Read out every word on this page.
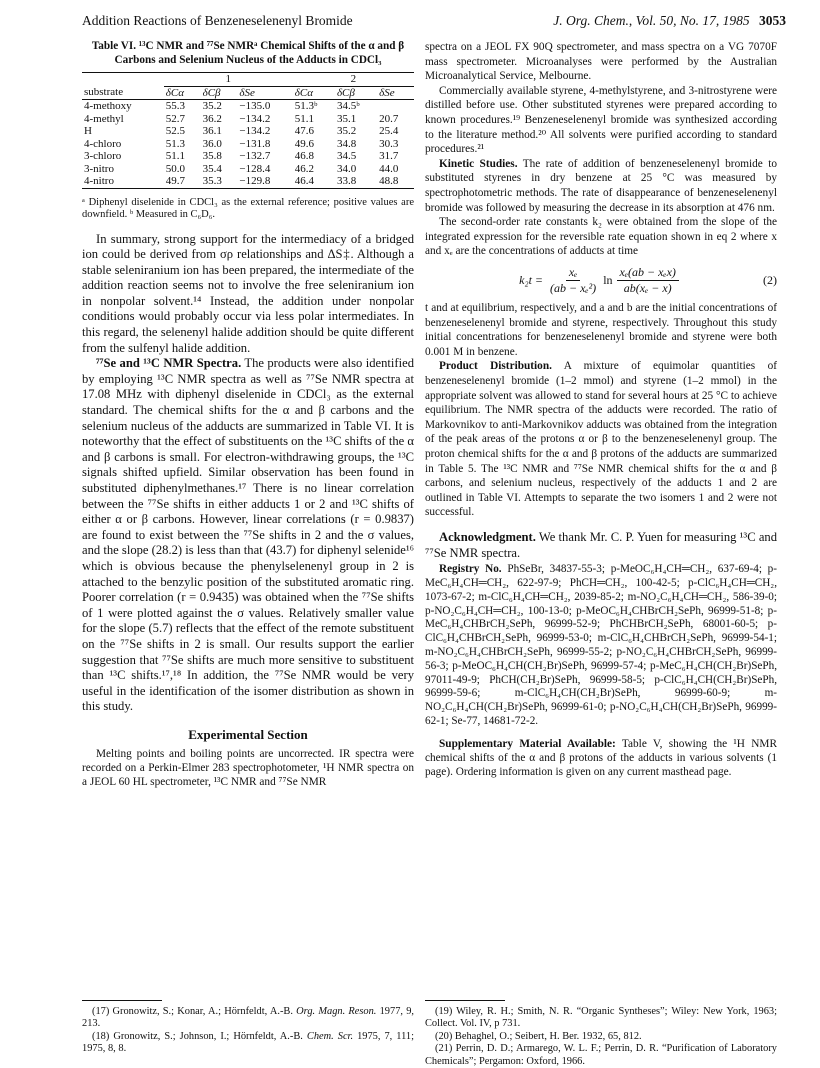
Addition Reactions of Benzeneselenenyl Bromide	J. Org. Chem., Vol. 50, No. 17, 1985 3053
Table VI. ¹³C NMR and ⁷⁷Se NMRᵃ Chemical Shifts of the α and β Carbons and Selenium Nucleus of the Adducts in CDCl₃
	1			2		
substrate	δCα	δCβ	δSe	δCα	δCβ	δSe
4-methoxy	55.3	35.2	−135.0	51.3ᵇ	34.5ᵇ	
4-methyl	52.7	36.2	−134.2	51.1	35.1	20.7
H	52.5	36.1	−134.2	47.6	35.2	25.4
4-chloro	51.3	36.0	−131.8	49.6	34.8	30.3
3-chloro	51.1	35.8	−132.7	46.8	34.5	31.7
3-nitro	50.0	35.4	−128.4	46.2	34.0	44.0
4-nitro	49.7	35.3	−129.8	46.4	33.8	48.8
ᵃ Diphenyl diselenide in CDCl₃ as the external reference; positive values are downfield. ᵇ Measured in C₆D₆.

In summary, strong support for the intermediacy of a bridged ion could be derived from σρ relationships and ΔS‡. Although a stable seleniranium ion has been prepared, the intermediate of the addition reaction seems not to involve the free seleniranium ion in nonpolar solvent.¹⁴ Instead, the addition under nonpolar conditions would probably occur via less polar intermediates. In this regard, the selenenyl halide addition should be quite different from the sulfenyl halide addition.

⁷⁷Se and ¹³C NMR Spectra. The products were also identified by employing ¹³C NMR spectra as well as ⁷⁷Se NMR spectra at 17.08 MHz with diphenyl diselenide in CDCl₃ as the external standard. The chemical shifts for the α and β carbons and the selenium nucleus of the adducts are summarized in Table VI. It is noteworthy that the effect of substituents on the ¹³C shifts of the α and β carbons is small. For electron-withdrawing groups, the ¹³C signals shifted upfield. Similar observation has been found in substituted diphenylmethanes.¹⁷ There is no linear correlation between the ⁷⁷Se shifts in either adducts 1 or 2 and ¹³C shifts of either α or β carbons. However, linear correlations (r = 0.9837) are found to exist between the ⁷⁷Se shifts in 2 and the σ values, and the slope (28.2) is less than that (43.7) for diphenyl selenide¹⁶ which is obvious because the phenylselenenyl group in 2 is attached to the benzylic position of the substituted aromatic ring. Poorer correlation (r = 0.9435) was obtained when the ⁷⁷Se shifts of 1 were plotted against the σ values. Relatively smaller value for the slope (5.7) reflects that the effect of the remote substituent on the ⁷⁷Se shifts in 2 is small. Our results support the earlier suggestion that ⁷⁷Se shifts are much more sensitive to substituent than ¹³C shifts.¹⁷,¹⁸ In addition, the ⁷⁷Se NMR would be very useful in the identification of the isomer distribution as shown in this study.

Experimental Section

Melting points and boiling points are uncorrected. IR spectra were recorded on a Perkin-Elmer 283 spectrophotometer, ¹H NMR spectra on a JEOL 60 HL spectrometer, ¹³C NMR and ⁷⁷Se NMR

spectra on a JEOL FX 90Q spectrometer, and mass spectra on a VG 7070F mass spectrometer. Microanalyses were performed by the Australian Microanalytical Service, Melbourne.

Commercially available styrene, 4-methylstyrene, and 3-nitrostyrene were distilled before use. Other substituted styrenes were prepared according to known procedures.¹⁹ Benzeneselenenyl bromide was synthesized according to the literature method.²⁰ All solvents were purified according to standard procedures.²¹

Kinetic Studies. The rate of addition of benzeneselenenyl bromide to substituted styrenes in dry benzene at 25 °C was measured by spectrophotometric methods. The rate of disappearance of benzeneselenenyl bromide was followed by measuring the decrease in its absorption at 476 nm.

The second-order rate constants k₂ were obtained from the slope of the integrated expression for the reversible rate equation shown in eq 2 where x and xₑ are the concentrations of adducts at time

$k_2t = \frac{\text{xₑ}}{\text{(ab − xₑ²)}}$ $\ln \frac{\text{xₑ(ab − xₑx)}}{\text{ab(xₑ − x)}}$	(2)

t and at equilibrium, respectively, and a and b are the initial concentrations of benzeneselenenyl bromide and styrene, respectively. Throughout this study initial concentrations for benzeneselenenyl bromide and styrene were both 0.001 M in benzene.

Product Distribution. A mixture of equimolar quantities of benzeneselenenyl bromide (1–2 mmol) and styrene (1–2 mmol) in the appropriate solvent was allowed to stand for several hours at 25 °C to achieve equilibrium. The NMR spectra of the adducts were recorded. The ratio of Markovnikov to anti-Markovnikov adducts was obtained from the integration of the peak areas of the protons α or β to the benzeneselenenyl group. The proton chemical shifts for the α and β protons of the adducts are summarized in Table 5. The ¹³C NMR and ⁷⁷Se NMR chemical shifts for the α and β carbons, and selenium nucleus, respectively of the adducts 1 and 2 are outlined in Table VI. Attempts to separate the two isomers 1 and 2 were not successful.

Acknowledgment. We thank Mr. C. P. Yuen for measuring ¹³C and ⁷⁷Se NMR spectra.

Registry No. PhSeBr, 34837-55-3; p-MeOC₆H₄CH═CH₂, 637-69-4; p-MeC₆H₄CH═CH₂, 622-97-9; PhCH═CH₂, 100-42-5; p-ClC₆H₄CH═CH₂, 1073-67-2; m-ClC₆H₄CH═CH₂, 2039-85-2; m-NO₂C₆H₄CH═CH₂, 586-39-0; p-NO₂C₆H₄CH═CH₂, 100-13-0; p-MeOC₆H₄CHBrCH₂SePh, 96999-51-8; p-MeC₆H₄CHBrCH₂SePh, 96999-52-9; PhCHBrCH₂SePh, 68001-60-5; p-ClC₆H₄CHBrCH₂SePh, 96999-53-0; m-ClC₆H₄CHBrCH₂SePh, 96999-54-1; m-NO₂C₆H₄CHBrCH₂SePh, 96999-55-2; p-NO₂C₆H₄CHBrCH₂SePh, 96999-56-3; p-MeOC₆H₄CH(CH₂Br)SePh, 96999-57-4; p-MeC₆H₄CH(CH₂Br)SePh, 97011-49-9; PhCH(CH₂Br)SePh, 96999-58-5; p-ClC₆H₄CH(CH₂Br)SePh, 96999-59-6; m-ClC₆H₄CH(CH₂Br)SePh, 96999-60-9; m-NO₂C₆H₄CH(CH₂Br)SePh, 96999-61-0; p-NO₂C₆H₄CH(CH₂Br)SePh, 96999-62-1; Se-77, 14681-72-2.

Supplementary Material Available: Table V, showing the ¹H NMR chemical shifts of the α and β protons of the adducts in various solvents (1 page). Ordering information is given on any current masthead page.

(17) Gronowitz, S.; Konar, A.; Hörnfeldt, A.-B. Org. Magn. Reson. 1977, 9, 213.

(18) Gronowitz, S.; Johnson, I.; Hörnfeldt, A.-B. Chem. Scr. 1975, 7, 111; 1975, 8, 8.

(19) Wiley, R. H.; Smith, N. R. “Organic Syntheses”; Wiley: New York, 1963; Collect. Vol. IV, p 731.

(20) Behaghel, O.; Seibert, H. Ber. 1932, 65, 812.

(21) Perrin, D. D.; Armarego, W. L. F.; Perrin, D. R. “Purification of Laboratory Chemicals”; Pergamon: Oxford, 1966.
